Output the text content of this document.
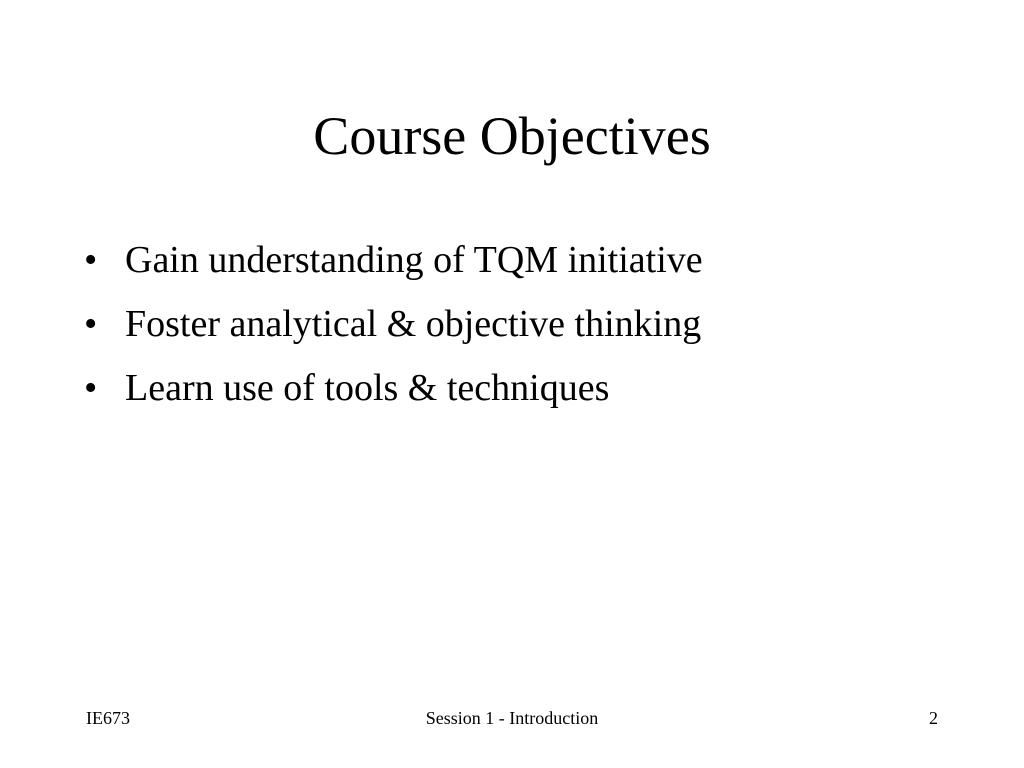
Course Objectives
• Gain understanding of TQM initiative
• Foster analytical & objective thinking
• Learn use of tools & techniques
IE673	Session 1 - Introduction	2
